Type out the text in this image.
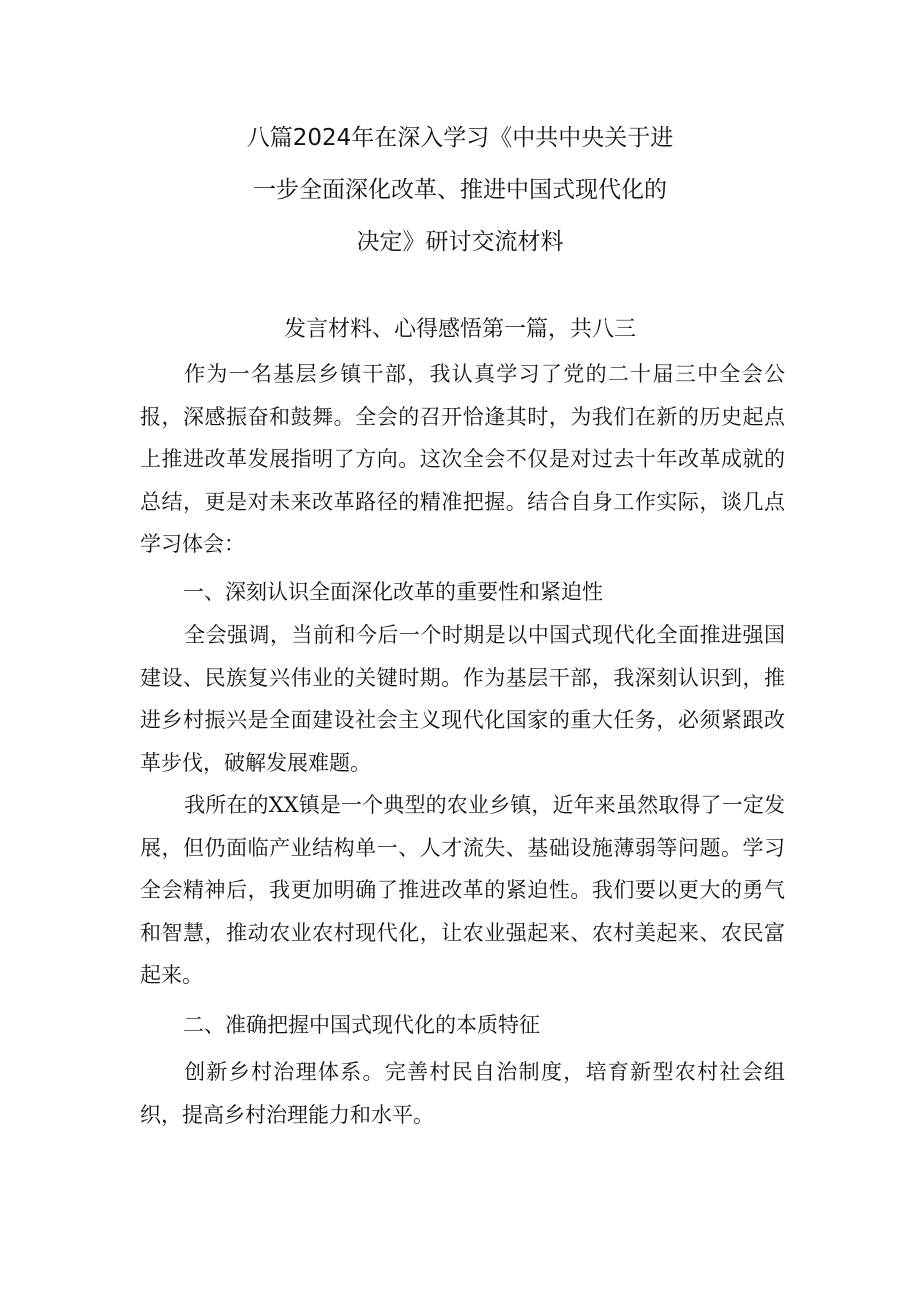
八篇2024年在深入学习《中共中央关于进
一步全面深化改革、推进中国式现代化的
决定》研讨交流材料
发言材料、心得感悟第一篇，共八三

作为一名基层乡镇干部，我认真学习了党的二十届三中全会公报，深感振奋和鼓舞。全会的召开恰逢其时，为我们在新的历史起点上推进改革发展指明了方向。这次全会不仅是对过去十年改革成就的总结，更是对未来改革路径的精准把握。结合自身工作实际，谈几点学习体会：

一、深刻认识全面深化改革的重要性和紧迫性

全会强调，当前和今后一个时期是以中国式现代化全面推进强国建设、民族复兴伟业的关键时期。作为基层干部，我深刻认识到，推进乡村振兴是全面建设社会主义现代化国家的重大任务，必须紧跟改革步伐，破解发展难题。

我所在的XX镇是一个典型的农业乡镇，近年来虽然取得了一定发展，但仍面临产业结构单一、人才流失、基础设施薄弱等问题。学习全会精神后，我更加明确了推进改革的紧迫性。我们要以更大的勇气和智慧，推动农业农村现代化，让农业强起来、农村美起来、农民富起来。

二、准确把握中国式现代化的本质特征

创新乡村治理体系。完善村民自治制度，培育新型农村社会组织，提高乡村治理能力和水平。
